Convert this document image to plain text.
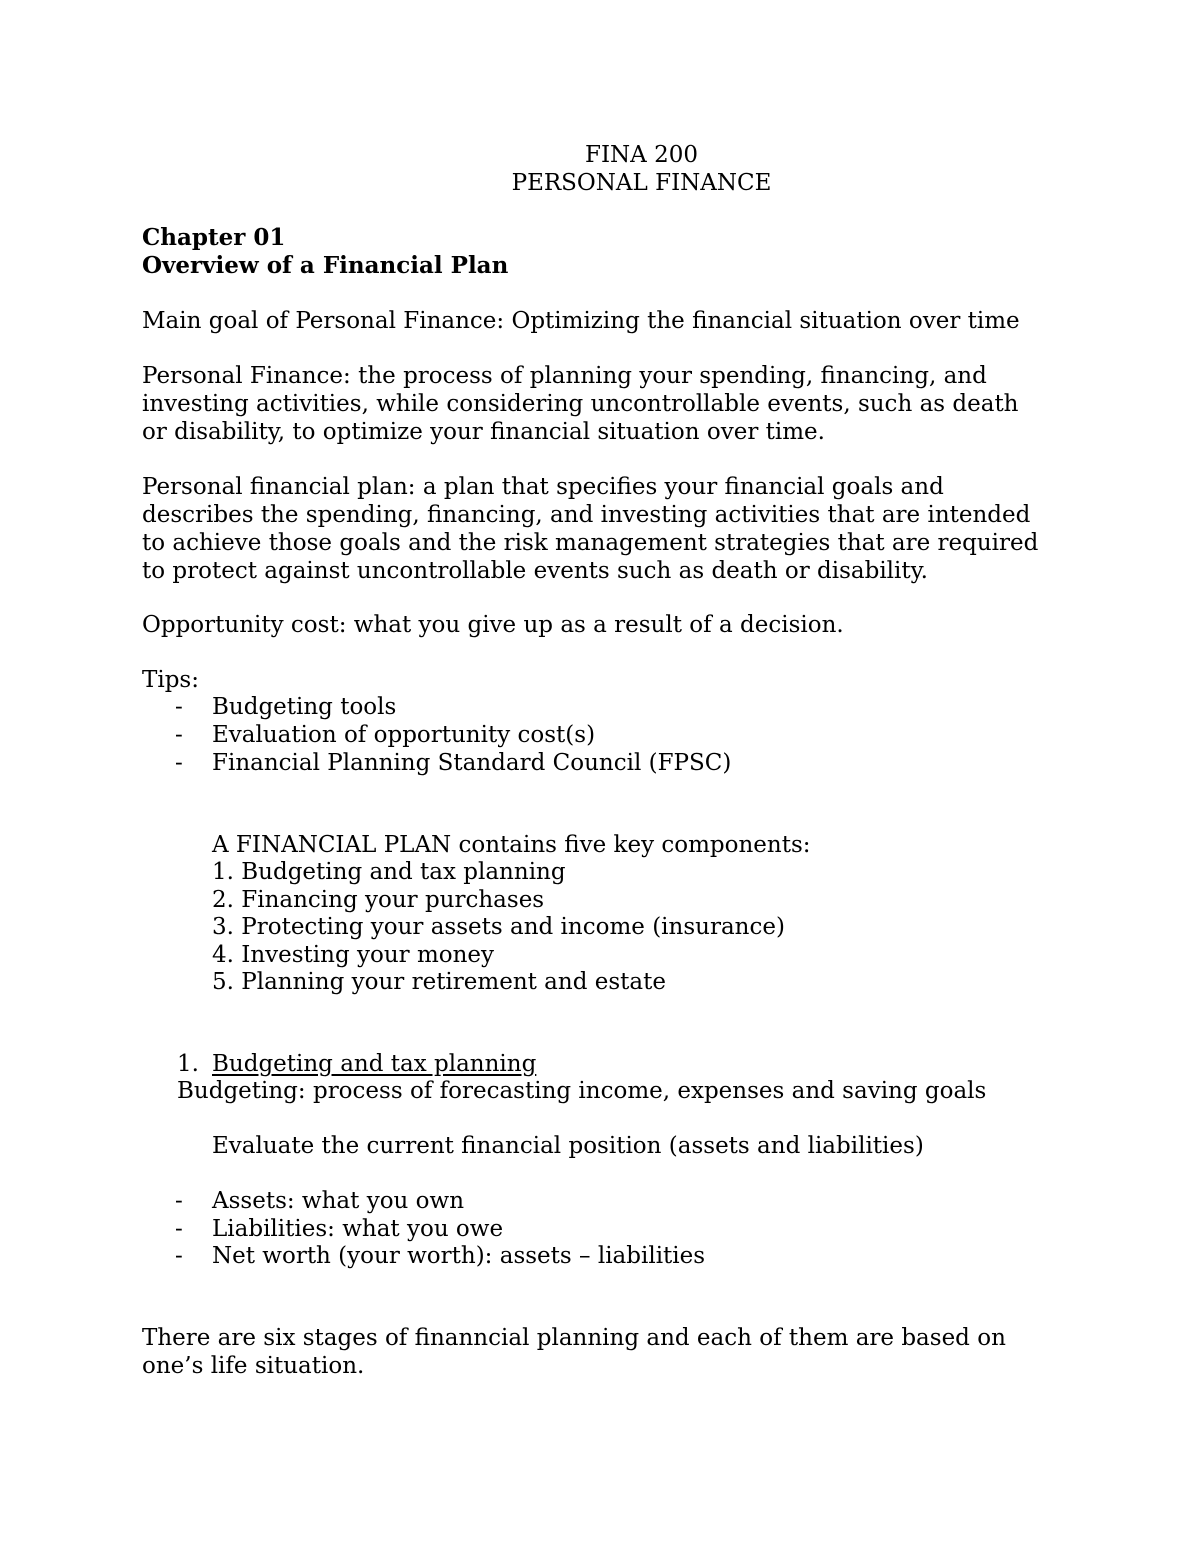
FINA 200

PERSONAL FINANCE

Chapter 01

Overview of a Financial Plan

Main goal of Personal Finance: Optimizing the financial situation over time

Personal Finance: the process of planning your spending, financing, and

investing activities, while considering uncontrollable events, such as death

or disability, to optimize your financial situation over time.

Personal financial plan: a plan that specifies your financial goals and

describes the spending, financing, and investing activities that are intended

to achieve those goals and the risk management strategies that are required

to protect against uncontrollable events such as death or disability.

Opportunity cost: what you give up as a result of a decision.

Tips:

- Budgeting tools

- Evaluation of opportunity cost(s)

- Financial Planning Standard Council (FPSC)

A FINANCIAL PLAN contains five key components:

1. Budgeting and tax planning

2. Financing your purchases

3. Protecting your assets and income (insurance)

4. Investing your money

5. Planning your retirement and estate

1. Budgeting and tax planning

Budgeting: process of forecasting income, expenses and saving goals

Evaluate the current financial position (assets and liabilities)

- Assets: what you own

- Liabilities: what you owe

- Net worth (your worth): assets – liabilities

There are six stages of finanncial planning and each of them are based on

one’s life situation.
